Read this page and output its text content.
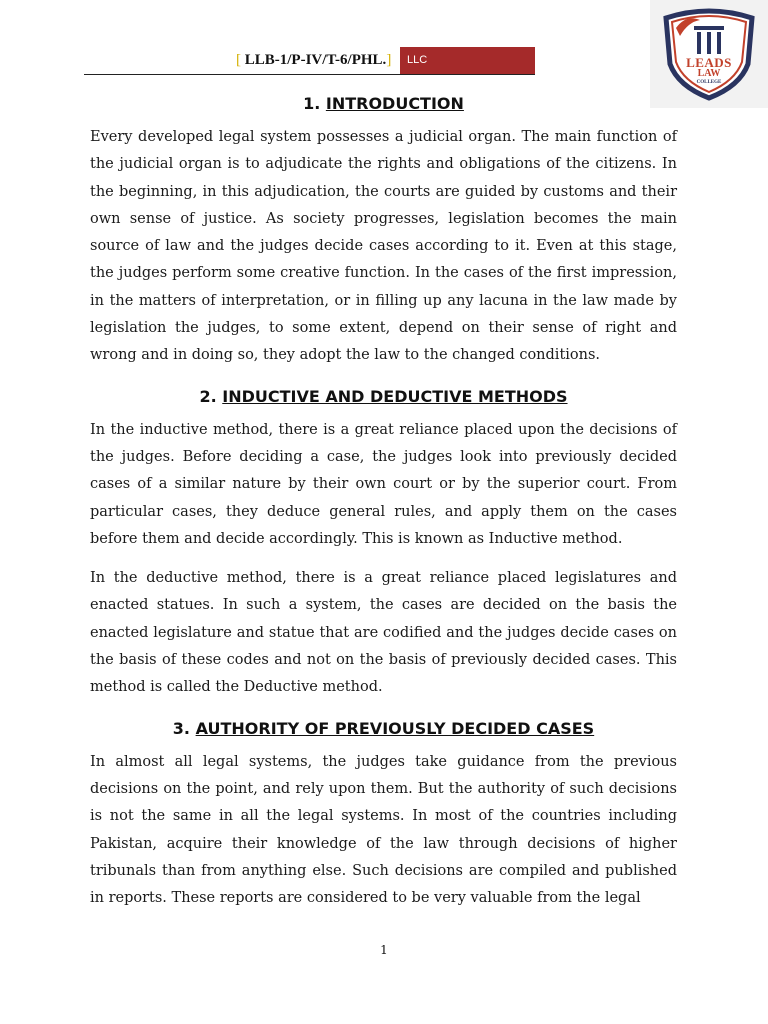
[ LLB-1/P-IV/T-6/PHL.]	LLC	LEADS
LAW
COLLEGE
1. INTRODUCTION

Every developed legal system possesses a judicial organ. The main function of the judicial organ is to adjudicate the rights and obligations of the citizens. In the beginning, in this adjudication, the courts are guided by customs and their own sense of justice. As society progresses, legislation becomes the main source of law and the judges decide cases according to it. Even at this stage, the judges perform some creative function. In the cases of the first impression, in the matters of interpretation, or in filling up any lacuna in the law made by legislation the judges, to some extent, depend on their sense of right and wrong and in doing so, they adopt the law to the changed conditions.

2. INDUCTIVE AND DEDUCTIVE METHODS

In the inductive method, there is a great reliance placed upon the decisions of the judges. Before deciding a case, the judges look into previously decided cases of a similar nature by their own court or by the superior court. From particular cases, they deduce general rules, and apply them on the cases before them and decide accordingly. This is known as Inductive method.

In the deductive method, there is a great reliance placed legislatures and enacted statues. In such a system, the cases are decided on the basis the enacted legislature and statue that are codified and the judges decide cases on the basis of these codes and not on the basis of previously decided cases. This method is called the Deductive method.

3. AUTHORITY OF PREVIOUSLY DECIDED CASES

In almost all legal systems, the judges take guidance from the previous decisions on the point, and rely upon them. But the authority of such decisions is not the same in all the legal systems. In most of the countries including Pakistan, acquire their knowledge of the law through decisions of higher tribunals than from anything else. Such decisions are compiled and published in reports. These reports are considered to be very valuable from the legal

1
